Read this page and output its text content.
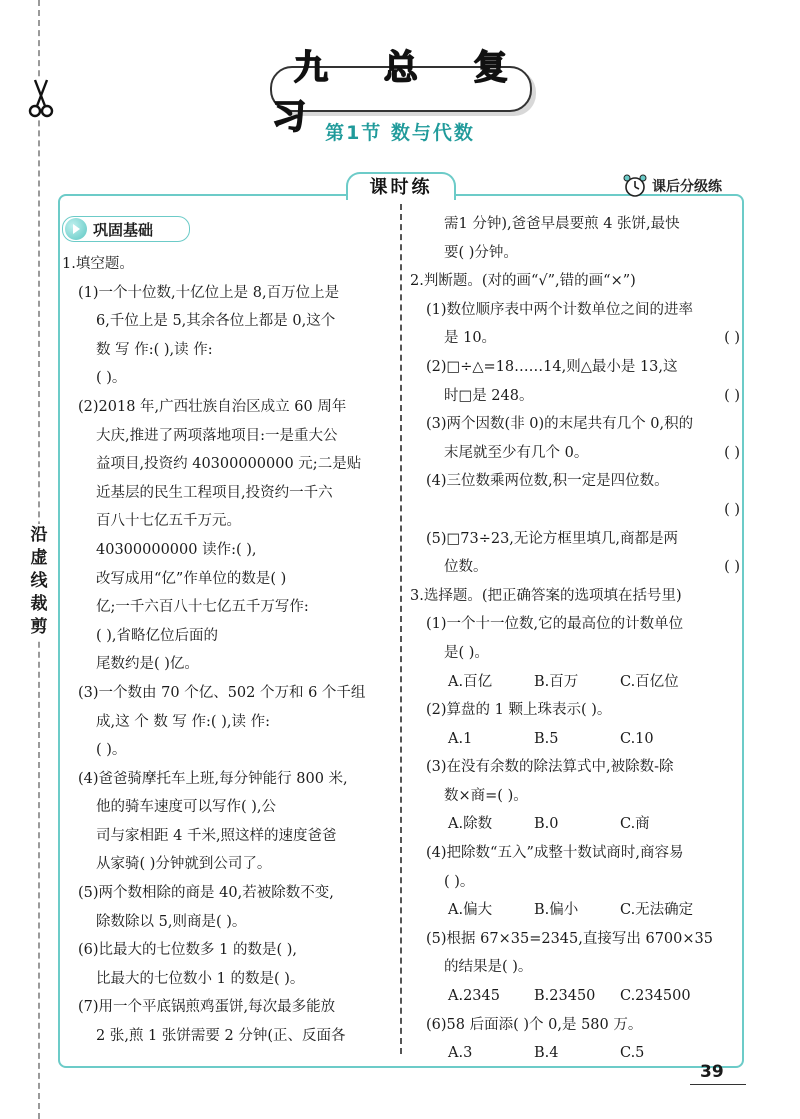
沿虚线裁剪
九 总 复 习
第1节 数与代数
课时练	课后分级练
巩固基础

1.填空题。

(1)一个十位数,十亿位上是 8,百万位上是

6,千位上是 5,其余各位上都是 0,这个

数 写 作:( ),读 作:

( )。

(2)2018 年,广西壮族自治区成立 60 周年

大庆,推进了两项落地项目:一是重大公

益项目,投资约 40300000000 元;二是贴

近基层的民生工程项目,投资约一千六

百八十七亿五千万元。

40300000000 读作:( ),

改写成用“亿”作单位的数是( )

亿;一千六百八十七亿五千万写作:

( ),省略亿位后面的

尾数约是( )亿。

(3)一个数由 70 个亿、502 个万和 6 个千组

成,这 个 数 写 作:( ),读 作:

( )。

(4)爸爸骑摩托车上班,每分钟能行 800 米,

他的骑车速度可以写作( ),公

司与家相距 4 千米,照这样的速度爸爸

从家骑( )分钟就到公司了。

(5)两个数相除的商是 40,若被除数不变,

除数除以 5,则商是( )。

(6)比最大的七位数多 1 的数是( ),

比最大的七位数小 1 的数是( )。

(7)用一个平底锅煎鸡蛋饼,每次最多能放

2 张,煎 1 张饼需要 2 分钟(正、反面各

需1 分钟),爸爸早晨要煎 4 张饼,最快

要( )分钟。

2.判断题。(对的画“√”,错的画“×”)

(1)数位顺序表中两个计数单位之间的进率

是 10。	( )

(2)□÷△=18……14,则△最小是 13,这

时□是 248。	( )

(3)两个因数(非 0)的末尾共有几个 0,积的

末尾就至少有几个 0。	( )

(4)三位数乘两位数,积一定是四位数。

( )

(5)□73÷23,无论方框里填几,商都是两

位数。	( )

3.选择题。(把正确答案的选项填在括号里)

(1)一个十一位数,它的最高位的计数单位

是( )。

A.百亿	B.百万	C.百亿位

(2)算盘的 1 颗上珠表示( )。

A.1	B.5	C.10

(3)在没有余数的除法算式中,被除数-除

数×商=( )。

A.除数	B.0	C.商

(4)把除数“五入”成整十数试商时,商容易

( )。

A.偏大	B.偏小	C.无法确定

(5)根据 67×35=2345,直接写出 6700×35

的结果是( )。

A.2345	B.23450	C.234500

(6)58 后面添( )个 0,是 580 万。

A.3	B.4	C.5

39
